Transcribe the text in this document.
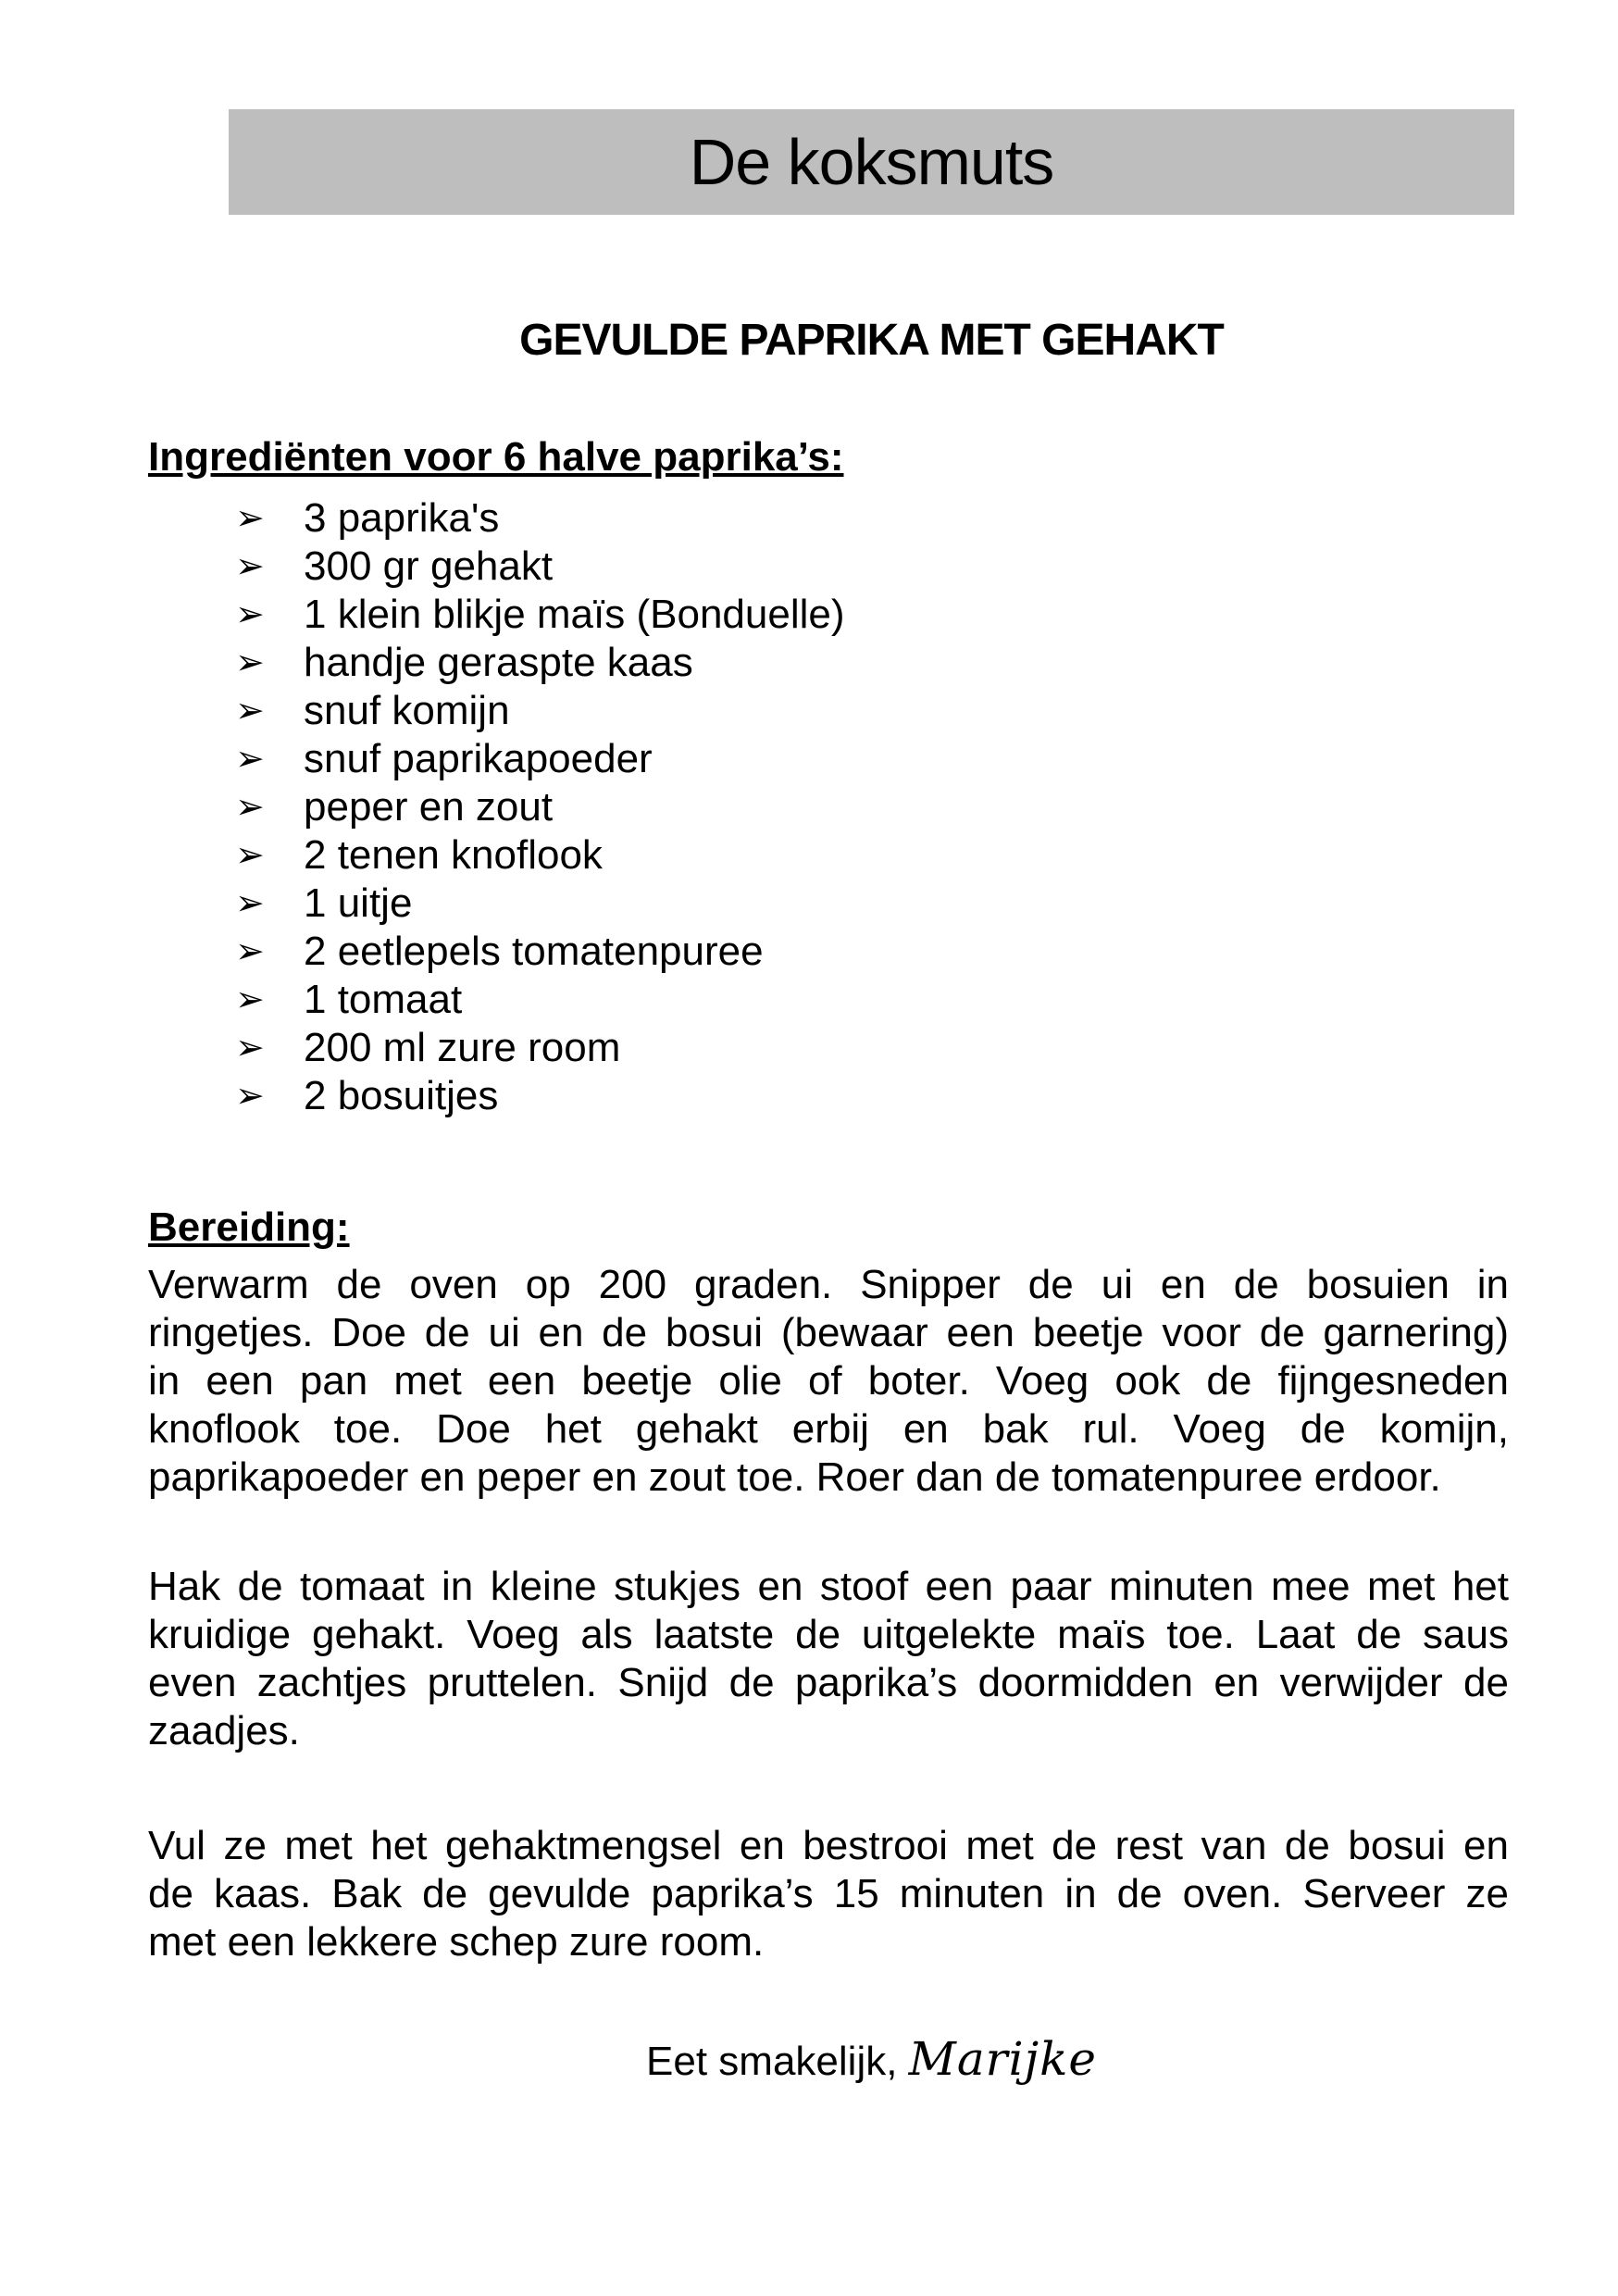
De koksmuts
GEVULDE PAPRIKA MET GEHAKT
Ingrediënten voor 6 halve paprika’s:
➢ 3 paprika's
➢ 300 gr gehakt
➢ 1 klein blikje maïs (Bonduelle)
➢ handje geraspte kaas
➢ snuf komijn
➢ snuf paprikapoeder
➢ peper en zout
➢ 2 tenen knoflook
➢ 1 uitje
➢ 2 eetlepels tomatenpuree
➢ 1 tomaat
➢ 200 ml zure room
➢ 2 bosuitjes
Bereiding:
Verwarm de oven op 200 graden. Snipper de ui en de bosuien in
ringetjes. Doe de ui en de bosui (bewaar een beetje voor de garnering)
in een pan met een beetje olie of boter. Voeg ook de fijngesneden
knoflook toe. Doe het gehakt erbij en bak rul. Voeg de komijn,
paprikapoeder en peper en zout toe. Roer dan de tomatenpuree erdoor.
Hak de tomaat in kleine stukjes en stoof een paar minuten mee met het
kruidige gehakt. Voeg als laatste de uitgelekte maïs toe. Laat de saus
even zachtjes pruttelen. Snijd de paprika’s doormidden en verwijder de
zaadjes.
Vul ze met het gehaktmengsel en bestrooi met de rest van de bosui en
de kaas. Bak de gevulde paprika’s 15 minuten in de oven. Serveer ze
met een lekkere schep zure room.
Eet smakelijk, Marijke
